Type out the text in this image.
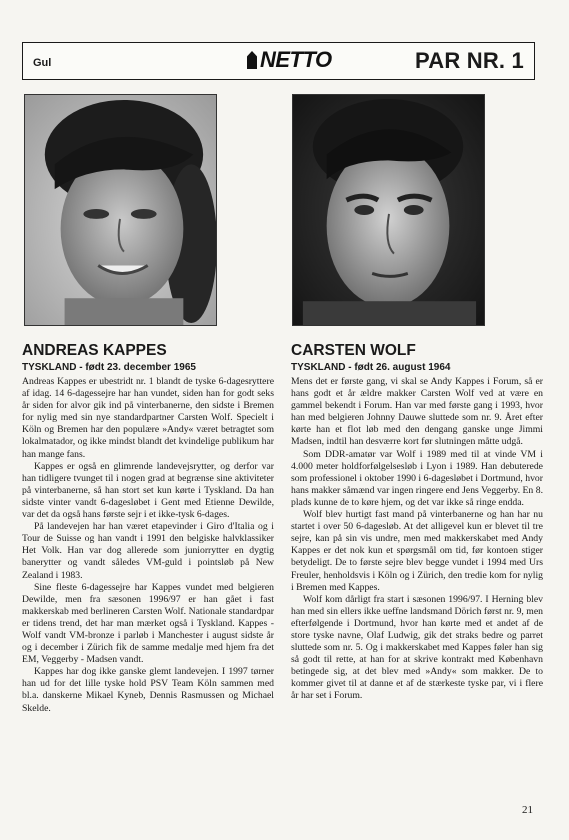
Gul	NETTO	PAR NR. 1
ANDREAS KAPPES
TYSKLAND - født 23. december 1965

Andreas Kappes er ubestridt nr. 1 blandt de tyske 6-dagesryttere af idag. 14 6-dagessejre har han vundet, siden han for godt seks år siden for alvor gik ind på vinterbanerne, den sidste i Bremen for nylig med sin nye standardpartner Carsten Wolf. Specielt i Köln og Bremen har den populære »Andy« været betragtet som lokalmatador, og ikke mindst blandt det kvindelige publikum har han mange fans.

Kappes er også en glimrende landevejsrytter, og derfor var han tidligere tvunget til i nogen grad at begrænse sine aktiviteter på vinterbanerne, så han stort set kun kørte i Tyskland. Da han sidste vinter vandt 6-dagesløbet i Gent med Etienne Dewilde, var det da også hans første sejr i et ikke-tysk 6-dages.

På landevejen har han været etapevinder i Giro d'Italia og i Tour de Suisse og han vandt i 1991 den belgiske halvklassiker Het Volk. Han var dog allerede som juniorrytter en dygtig banerytter og vandt således VM-guld i pointsløb på New Zealand i 1983.

Sine fleste 6-dagessejre har Kappes vundet med belgieren Dewilde, men fra sæsonen 1996/97 er han gået i fast makkerskab med berlineren Carsten Wolf. Nationale standardpar er tidens trend, det har man mærket også i Tyskland. Kappes - Wolf vandt VM-bronze i parløb i Manchester i august sidste år og i december i Zürich fik de samme medalje med hjem fra det EM, Veggerby - Madsen vandt.

Kappes har dog ikke ganske glemt landevejen. I 1997 tørner han ud for det lille tyske hold PSV Team Köln sammen med bl.a. danskerne Mikael Kyneb, Dennis Rasmussen og Michael Skelde.

CARSTEN WOLF
TYSKLAND - født 26. august 1964

Mens det er første gang, vi skal se Andy Kappes i Forum, så er hans godt et år ældre makker Carsten Wolf ved at være en gammel bekendt i Forum. Han var med første gang i 1993, hvor han med belgieren Johnny Dauwe sluttede som nr. 9. Året efter kørte han et flot løb med den dengang ganske unge Jimmi Madsen, indtil han desværre kort før slutningen måtte udgå.

Som DDR-amatør var Wolf i 1989 med til at vinde VM i 4.000 meter holdforfølgelsesløb i Lyon i 1989. Han debuterede som professionel i oktober 1990 i 6-dagesløbet i Dortmund, hvor hans makker såmænd var ingen ringere end Jens Veggerby. En 8. plads kunne de to køre hjem, og det var ikke så ringe endda.

Wolf blev hurtigt fast mand på vinterbanerne og han har nu startet i over 50 6-dagesløb. At det alligevel kun er blevet til tre sejre, kan på sin vis undre, men med makkerskabet med Andy Kappes er det nok kun et spørgsmål om tid, før kontoen stiger betydeligt. De to første sejre blev begge vundet i 1994 med Urs Freuler, henholdsvis i Köln og i Zürich, den tredie kom for nylig i Bremen med Kappes.

Wolf kom dårligt fra start i sæsonen 1996/97. I Herning blev han med sin ellers ikke ueffne landsmand Dörich først nr. 9, men efterfølgende i Dortmund, hvor han kørte med et andet af de store tyske navne, Olaf Ludwig, gik det straks bedre og parret sluttede som nr. 5. Og i makkerskabet med Kappes føler han sig så godt til rette, at han for at skrive kontrakt med København betingede sig, at det blev med »Andy« som makker. De to kommer givet til at danne et af de stærkeste tyske par, vi i flere år har set i Forum.

21
